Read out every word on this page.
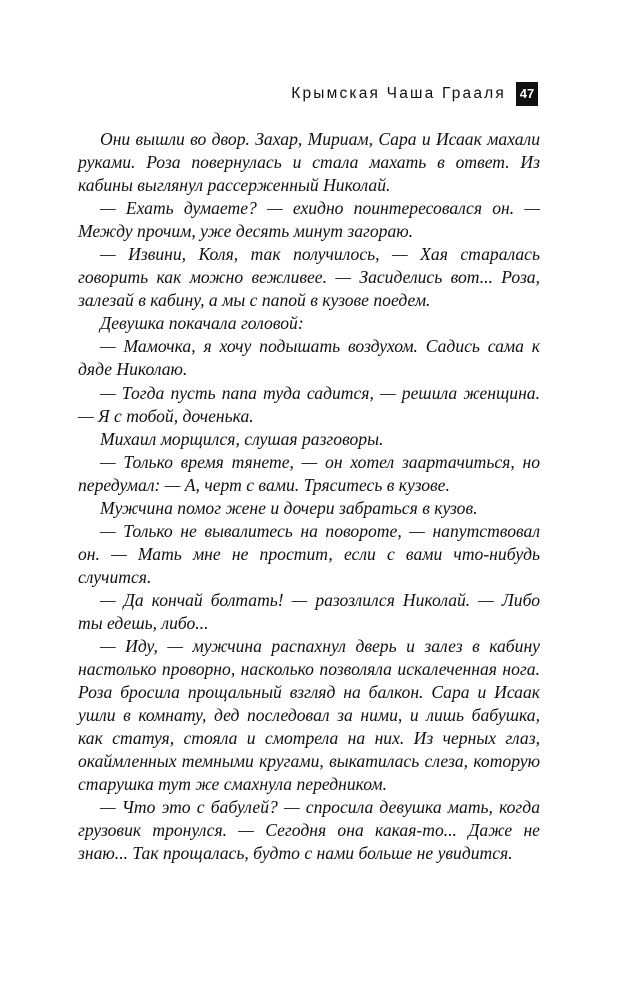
Крымская Чаша Грааля 47

Они вышли во двор. Захар, Мириам, Сара и Исаак махали руками. Роза повернулась и стала махать в ответ. Из кабины выглянул рассерженный Николай.

— Ехать думаете? — ехидно поинтересовался он. — Между прочим, уже десять минут загораю.

— Извини, Коля, так получилось, — Хая старалась говорить как можно вежливее. — Засиделись вот... Роза, залезай в кабину, а мы с папой в кузове поедем.

Девушка покачала головой:

— Мамочка, я хочу подышать воздухом. Садись сама к дяде Николаю.

— Тогда пусть папа туда садится, — решила женщина. — Я с тобой, доченька.

Михаил морщился, слушая разговоры.

— Только время тянете, — он хотел заартачиться, но передумал: — А, черт с вами. Тряситесь в кузове.

Мужчина помог жене и дочери забраться в кузов.

— Только не вывалитесь на повороте, — напутствовал он. — Мать мне не простит, если с вами что-нибудь случится.

— Да кончай болтать! — разозлился Николай. — Либо ты едешь, либо...

— Иду, — мужчина распахнул дверь и залез в кабину настолько проворно, насколько позволяла искалеченная нога. Роза бросила прощальный взгляд на балкон. Сара и Исаак ушли в комнату, дед последовал за ними, и лишь бабушка, как статуя, стояла и смотрела на них. Из черных глаз, окаймленных темными кругами, выкатилась слеза, которую старушка тут же смахнула передником.

— Что это с бабулей? — спросила девушка мать, когда грузовик тронулся. — Сегодня она какая-то... Даже не знаю... Так прощалась, будто с нами больше не увидится.
